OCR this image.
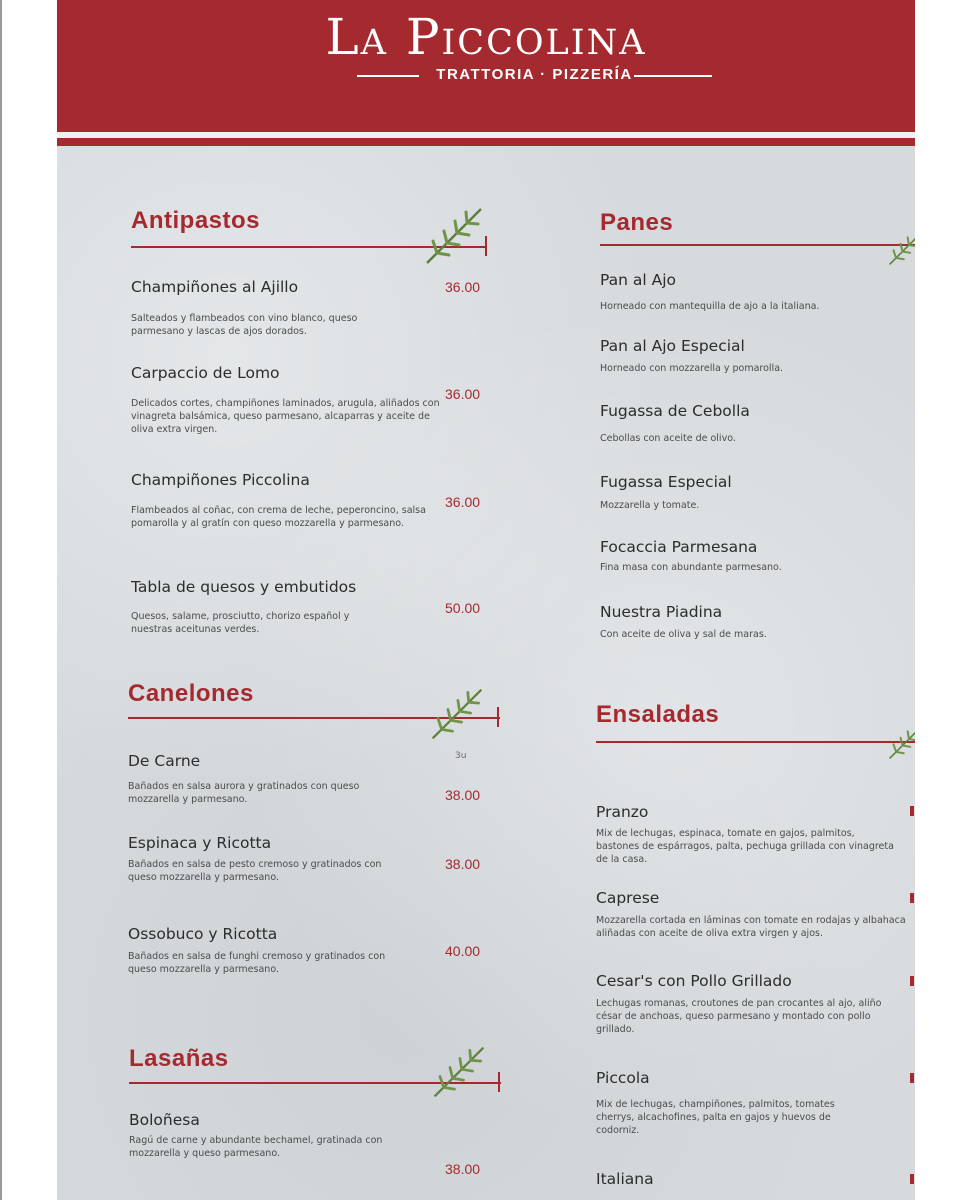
La Piccolina
TRATTORIA · PIZZERÍA
Antipastos
Champiñones al Ajillo	36.00
Salteados y flambeados con vino blanco, queso parmesano y lascas de ajos dorados.
Carpaccio de Lomo
36.00
Delicados cortes, champiñones laminados, arugula, aliñados con vinagreta balsámica, queso parmesano, alcaparras y aceite de oliva extra virgen.
Champiñones Piccolina
36.00
Flambeados al coñac, con crema de leche, peperoncino, salsa pomarolla y al gratín con queso mozzarella y parmesano.
Tabla de quesos y embutidos
50.00
Quesos, salame, prosciutto, chorizo español y nuestras aceitunas verdes.
Canelones
3u
De Carne
38.00
Bañados en salsa aurora y gratinados con queso mozzarella y parmesano.
Espinaca y Ricotta
38.00
Bañados en salsa de pesto cremoso y gratinados con queso mozzarella y parmesano.
Ossobuco y Ricotta
40.00
Bañados en salsa de funghi cremoso y gratinados con queso mozzarella y parmesano.
Lasañas
Boloñesa
Ragú de carne y abundante bechamel, gratinada con mozzarella y queso parmesano.
38.00
Panes
Pan al Ajo
Horneado con mantequilla de ajo a la italiana.
Pan al Ajo Especial
Horneado con mozzarella y pomarolla.
Fugassa de Cebolla
Cebollas con aceite de olivo.
Fugassa Especial
Mozzarella y tomate.
Focaccia Parmesana
Fina masa con abundante parmesano.
Nuestra Piadina
Con aceite de oliva y sal de maras.
Ensaladas
Pranzo
Mix de lechugas, espinaca, tomate en gajos, palmitos, bastones de espárragos, palta, pechuga grillada con vinagreta de la casa.
Caprese
Mozzarella cortada en láminas con tomate en rodajas y albahaca aliñadas con aceite de oliva extra virgen y ajos.
Cesar's con Pollo Grillado
Lechugas romanas, croutones de pan crocantes al ajo, aliño césar de anchoas, queso parmesano y montado con pollo grillado.
Piccola
Mix de lechugas, champiñones, palmitos, tomates cherrys, alcachofines, palta en gajos y huevos de codorniz.
Italiana
